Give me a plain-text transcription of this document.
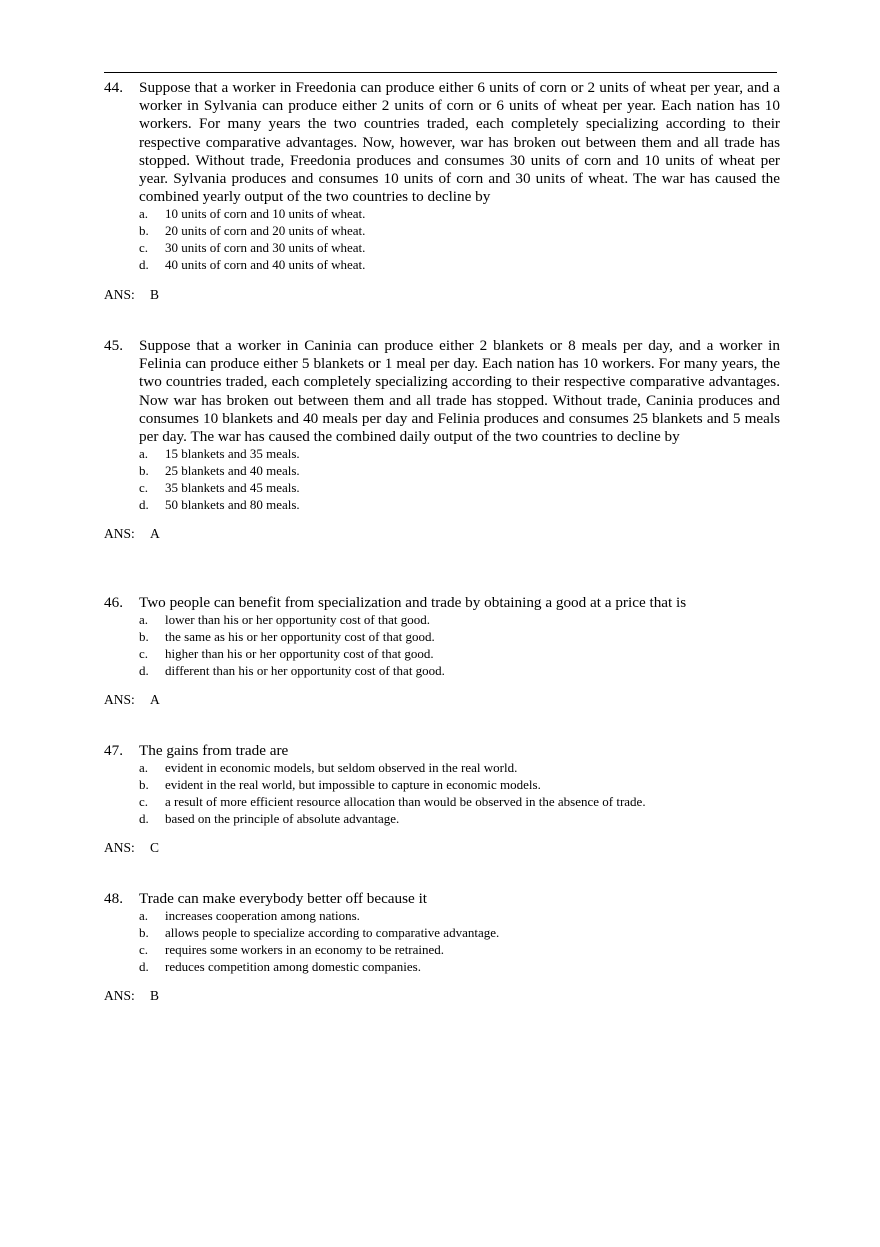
44. Suppose that a worker in Freedonia can produce either 6 units of corn or 2 units of wheat per year, and a worker in Sylvania can produce either 2 units of corn or 6 units of wheat per year. Each nation has 10 workers. For many years the two countries traded, each completely specializing according to their respective comparative advantages. Now, however, war has broken out between them and all trade has stopped. Without trade, Freedonia produces and consumes 30 units of corn and 10 units of wheat per year. Sylvania produces and consumes 10 units of corn and 30 units of wheat. The war has caused the combined yearly output of the two countries to decline by
a. 10 units of corn and 10 units of wheat.
b. 20 units of corn and 20 units of wheat.
c. 30 units of corn and 30 units of wheat.
d. 40 units of corn and 40 units of wheat.
ANS: B
45. Suppose that a worker in Caninia can produce either 2 blankets or 8 meals per day, and a worker in Felinia can produce either 5 blankets or 1 meal per day. Each nation has 10 workers. For many years, the two countries traded, each completely specializing according to their respective comparative advantages. Now war has broken out between them and all trade has stopped. Without trade, Caninia produces and consumes 10 blankets and 40 meals per day and Felinia produces and consumes 25 blankets and 5 meals per day. The war has caused the combined daily output of the two countries to decline by
a. 15 blankets and 35 meals.
b. 25 blankets and 40 meals.
c. 35 blankets and 45 meals.
d. 50 blankets and 80 meals.
ANS: A
46. Two people can benefit from specialization and trade by obtaining a good at a price that is
a. lower than his or her opportunity cost of that good.
b. the same as his or her opportunity cost of that good.
c. higher than his or her opportunity cost of that good.
d. different than his or her opportunity cost of that good.
ANS: A
47. The gains from trade are
a. evident in economic models, but seldom observed in the real world.
b. evident in the real world, but impossible to capture in economic models.
c. a result of more efficient resource allocation than would be observed in the absence of trade.
d. based on the principle of absolute advantage.
ANS: C
48. Trade can make everybody better off because it
a. increases cooperation among nations.
b. allows people to specialize according to comparative advantage.
c. requires some workers in an economy to be retrained.
d. reduces competition among domestic companies.
ANS: B
